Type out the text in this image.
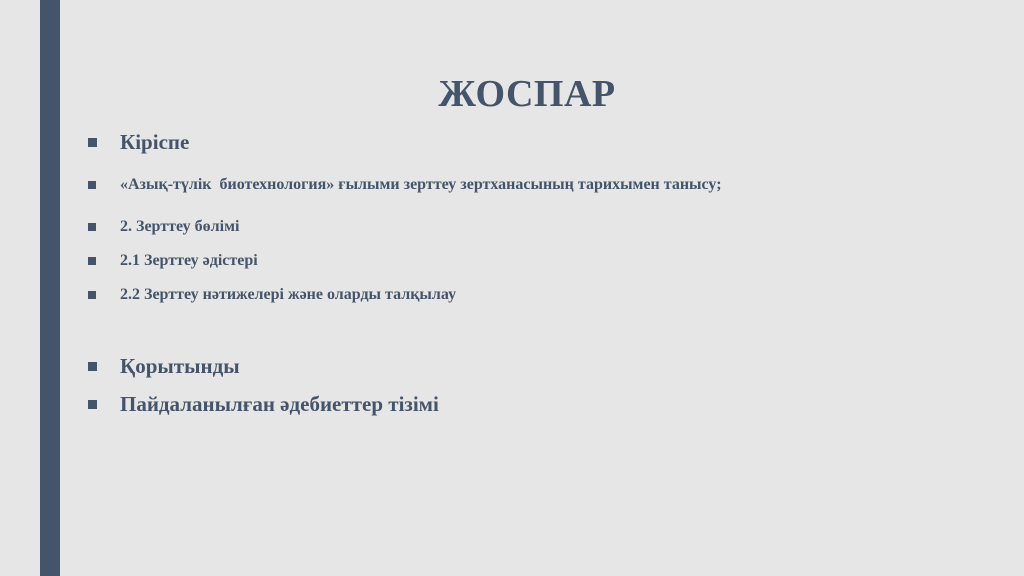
ЖОСПАР
Кіріспе
«Азық-түлік  биотехнология» ғылыми зерттеу зертханасының тарихымен танысу;
2. Зерттеу бөлімі
2.1 Зерттеу әдістері
2.2 Зерттеу нәтижелері және оларды талқылау
Қорытынды
Пайдаланылған әдебиеттер тізімі
